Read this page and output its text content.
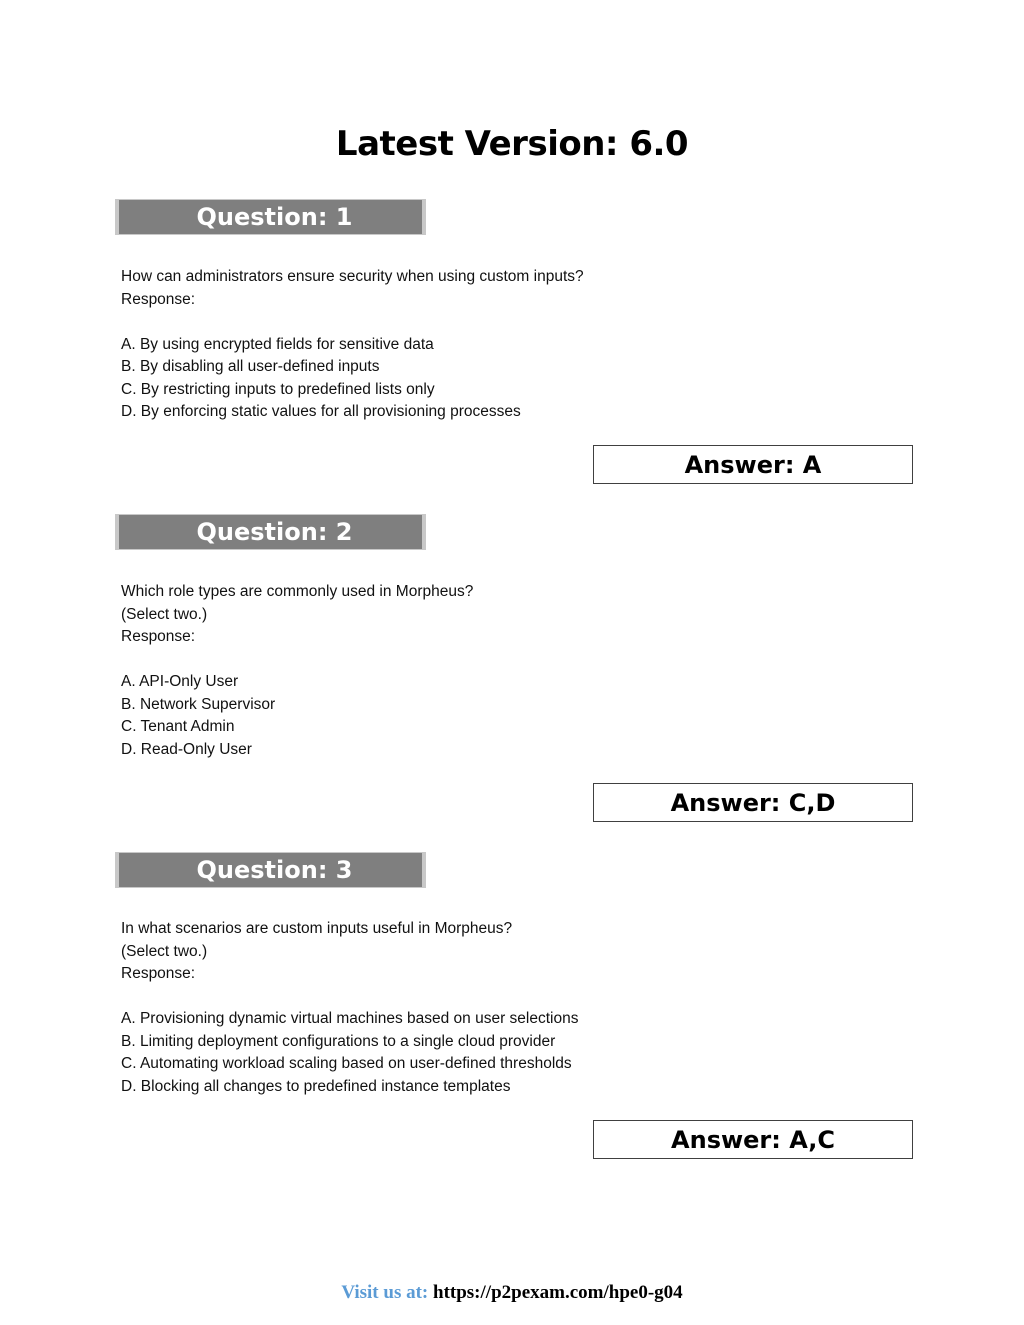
Latest Version: 6.0
Question: 1
How can administrators ensure security when using custom inputs?
Response:
A. By using encrypted fields for sensitive data
B. By disabling all user-defined inputs
C. By restricting inputs to predefined lists only
D. By enforcing static values for all provisioning processes
Answer: A
Question: 2
Which role types are commonly used in Morpheus?
(Select two.)
Response:
A. API-Only User
B. Network Supervisor
C. Tenant Admin
D. Read-Only User
Answer: C,D
Question: 3
In what scenarios are custom inputs useful in Morpheus?
(Select two.)
Response:
A. Provisioning dynamic virtual machines based on user selections
B. Limiting deployment configurations to a single cloud provider
C. Automating workload scaling based on user-defined thresholds
D. Blocking all changes to predefined instance templates
Answer: A,C
Visit us at: https://p2pexam.com/hpe0-g04
